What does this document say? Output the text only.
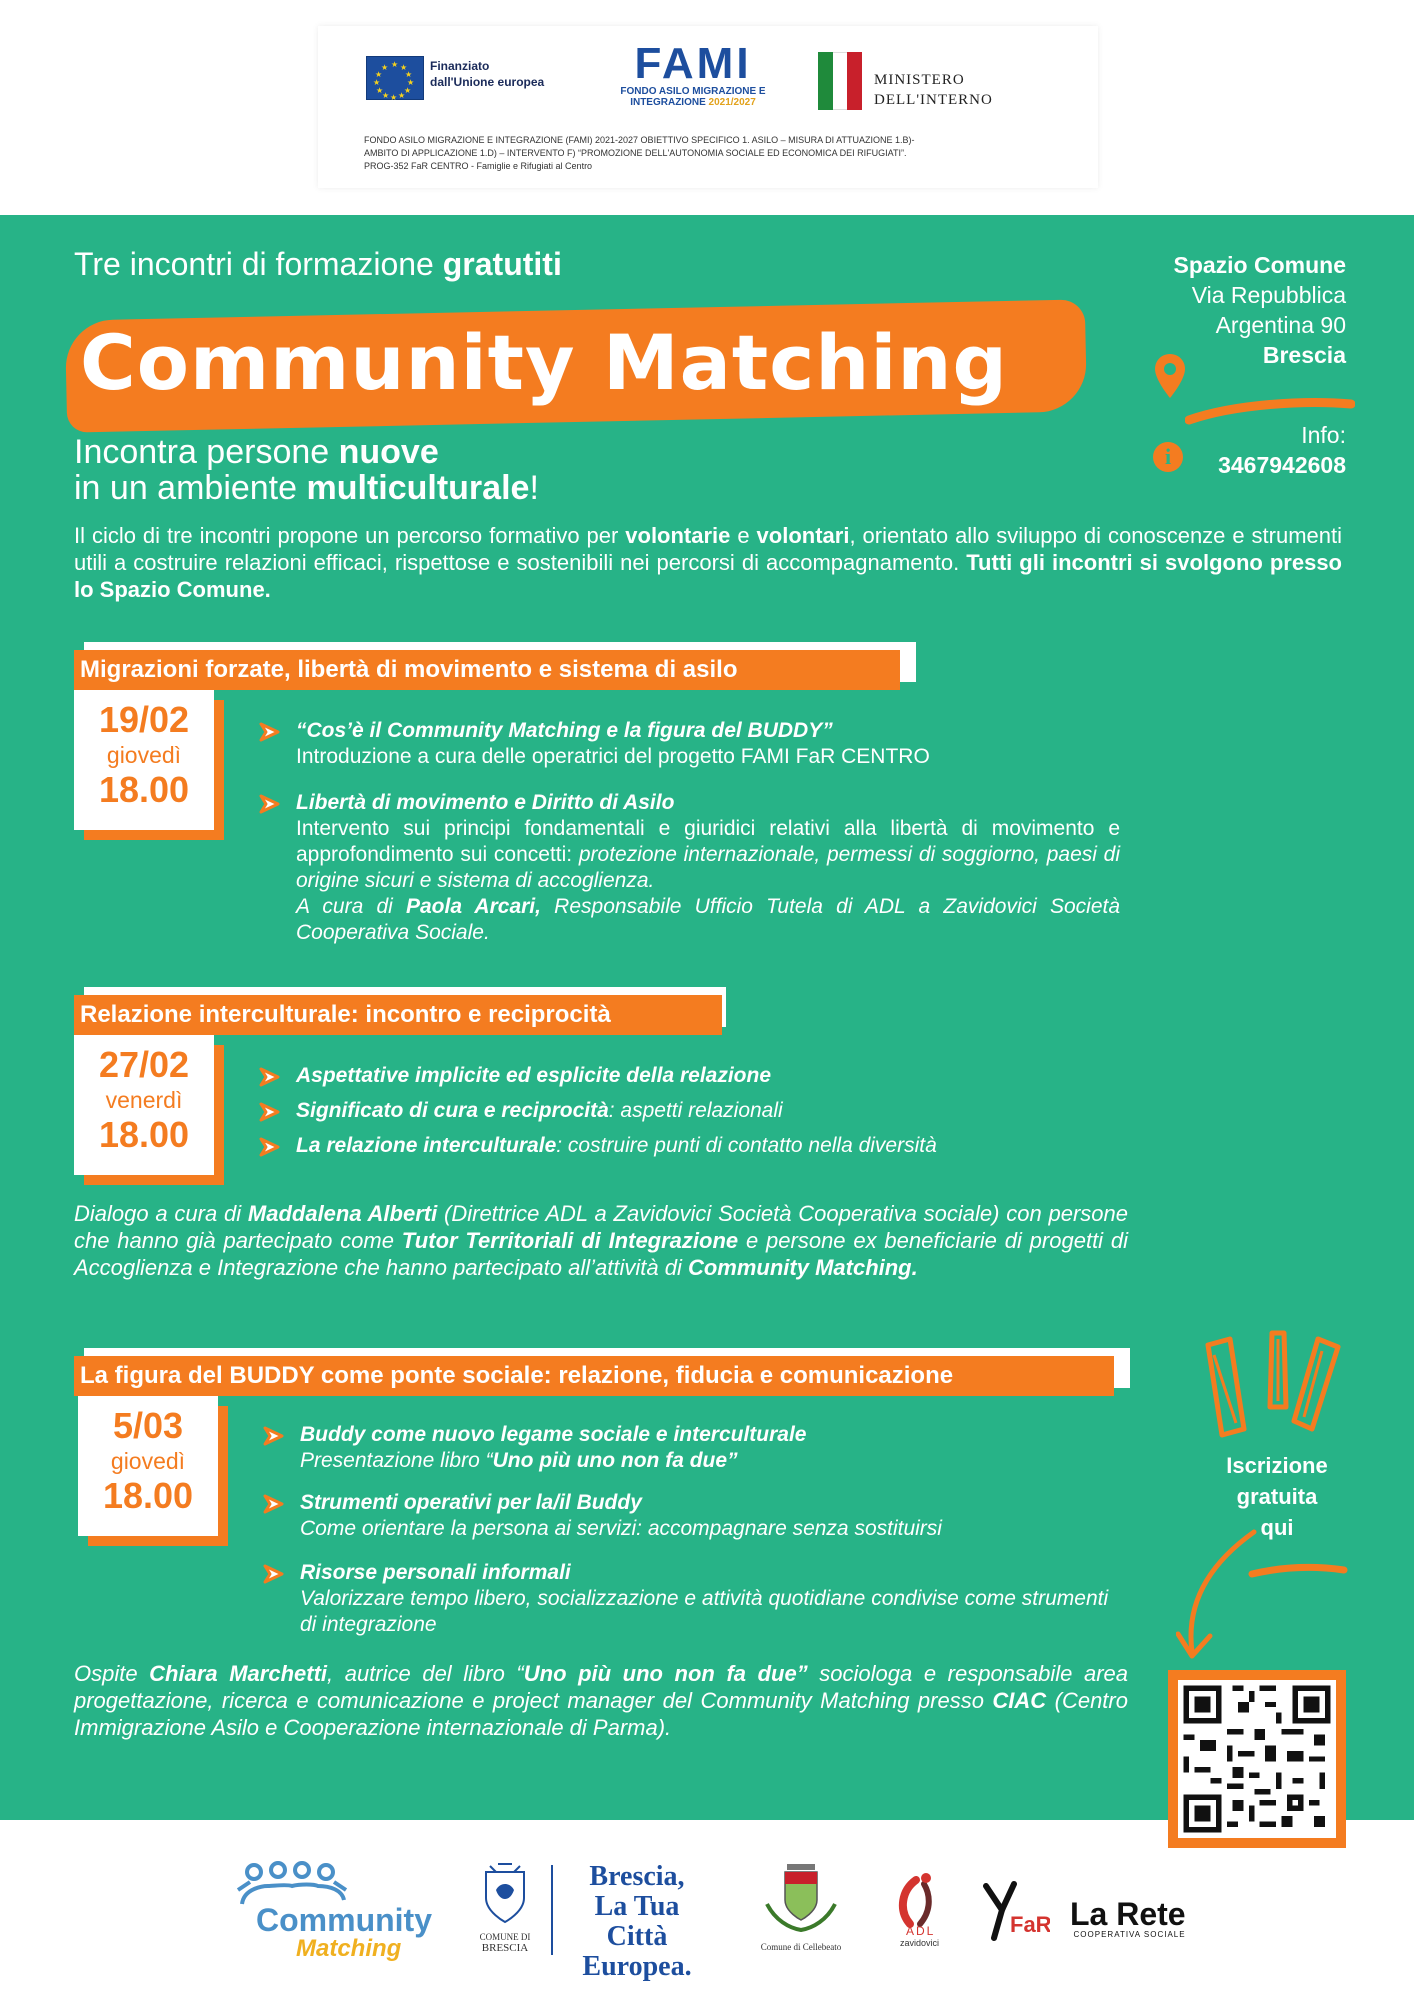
★ ★
★
★
★
★
★
★
★
★
★
★	Finanziato
dall'Unione europea	FAMI
FONDO ASILO MIGRAZIONE E
INTEGRAZIONE 2021/2027
MINISTERO
DELL'INTERNO
FONDO ASILO MIGRAZIONE E INTEGRAZIONE (FAMI) 2021-2027 OBIETTIVO SPECIFICO 1. ASILO – MISURA DI ATTUAZIONE 1.B)-
AMBITO DI APPLICAZIONE 1.D) – INTERVENTO F) “PROMOZIONE DELL'AUTONOMIA SOCIALE ED ECONOMICA DEI RIFUGIATI”.
PROG-352 FaR CENTRO - Famiglie e Rifugiati al Centro
Tre incontri di formazione gratutiti
Community Matching
Incontra persone nuove
in un ambiente multiculturale!
Spazio Comune
Via Repubblica
Argentina 90
Brescia
Info:
i	3467942608
Il ciclo di tre incontri propone un percorso formativo per volontarie e volontari, orientato allo sviluppo di conoscenze e strumenti utili a costruire relazioni efficaci, rispettose e sostenibili nei percorsi di accompagnamento. Tutti gli incontri si svolgono presso lo Spazio Comune.
Migrazioni forzate, libertà di movimento e sistema di asilo
19/02
giovedì
18.00
“Cos’è il Community Matching e la figura del BUDDY”
Introduzione a cura delle operatrici del progetto FAMI FaR CENTRO
Libertà di movimento e Diritto di Asilo
Intervento sui principi fondamentali e giuridici relativi alla libertà di movimento e approfondimento sui concetti: protezione internazionale, permessi di soggiorno, paesi di origine sicuri e sistema di accoglienza.
A cura di Paola Arcari, Responsabile Ufficio Tutela di ADL a Zavidovici Società Cooperativa Sociale.
Relazione interculturale: incontro e reciprocità
27/02
venerdì
18.00
Aspettative implicite ed esplicite della relazione
Significato di cura e reciprocità: aspetti relazionali
La relazione interculturale: costruire punti di contatto nella diversità
Dialogo a cura di Maddalena Alberti (Direttrice ADL a Zavidovici Società Cooperativa sociale) con persone che hanno già partecipato come Tutor Territoriali di Integrazione e persone ex beneficiarie di progetti di Accoglienza e Integrazione che hanno partecipato all’attività di Community Matching.
La figura del BUDDY come ponte sociale: relazione, fiducia e comunicazione
5/03
giovedì
18.00
Buddy come nuovo legame sociale e interculturale
Presentazione libro “Uno più uno non fa due”
Strumenti operativi per la/il Buddy
Come orientare la persona ai servizi: accompagnare senza sostituirsi
Risorse personali informali
Valorizzare tempo libero, socializzazione e attività quotidiane condivise come strumenti di integrazione
Ospite Chiara Marchetti, autrice del libro “Uno più uno non fa due” sociologa e responsabile area progettazione, ricerca e comunicazione e project manager del Community Matching presso CIAC (Centro Immigrazione Asilo e Cooperazione internazionale di Parma).
Iscrizione
gratuita
qui
Community
Matching	COMUNE DI
BRESCIA
Brescia,
La Tua Città
Europea.
Comune di Cellebeato
ADL
zavidovici
FaR La Rete
COOPERATIVA SOCIALE
